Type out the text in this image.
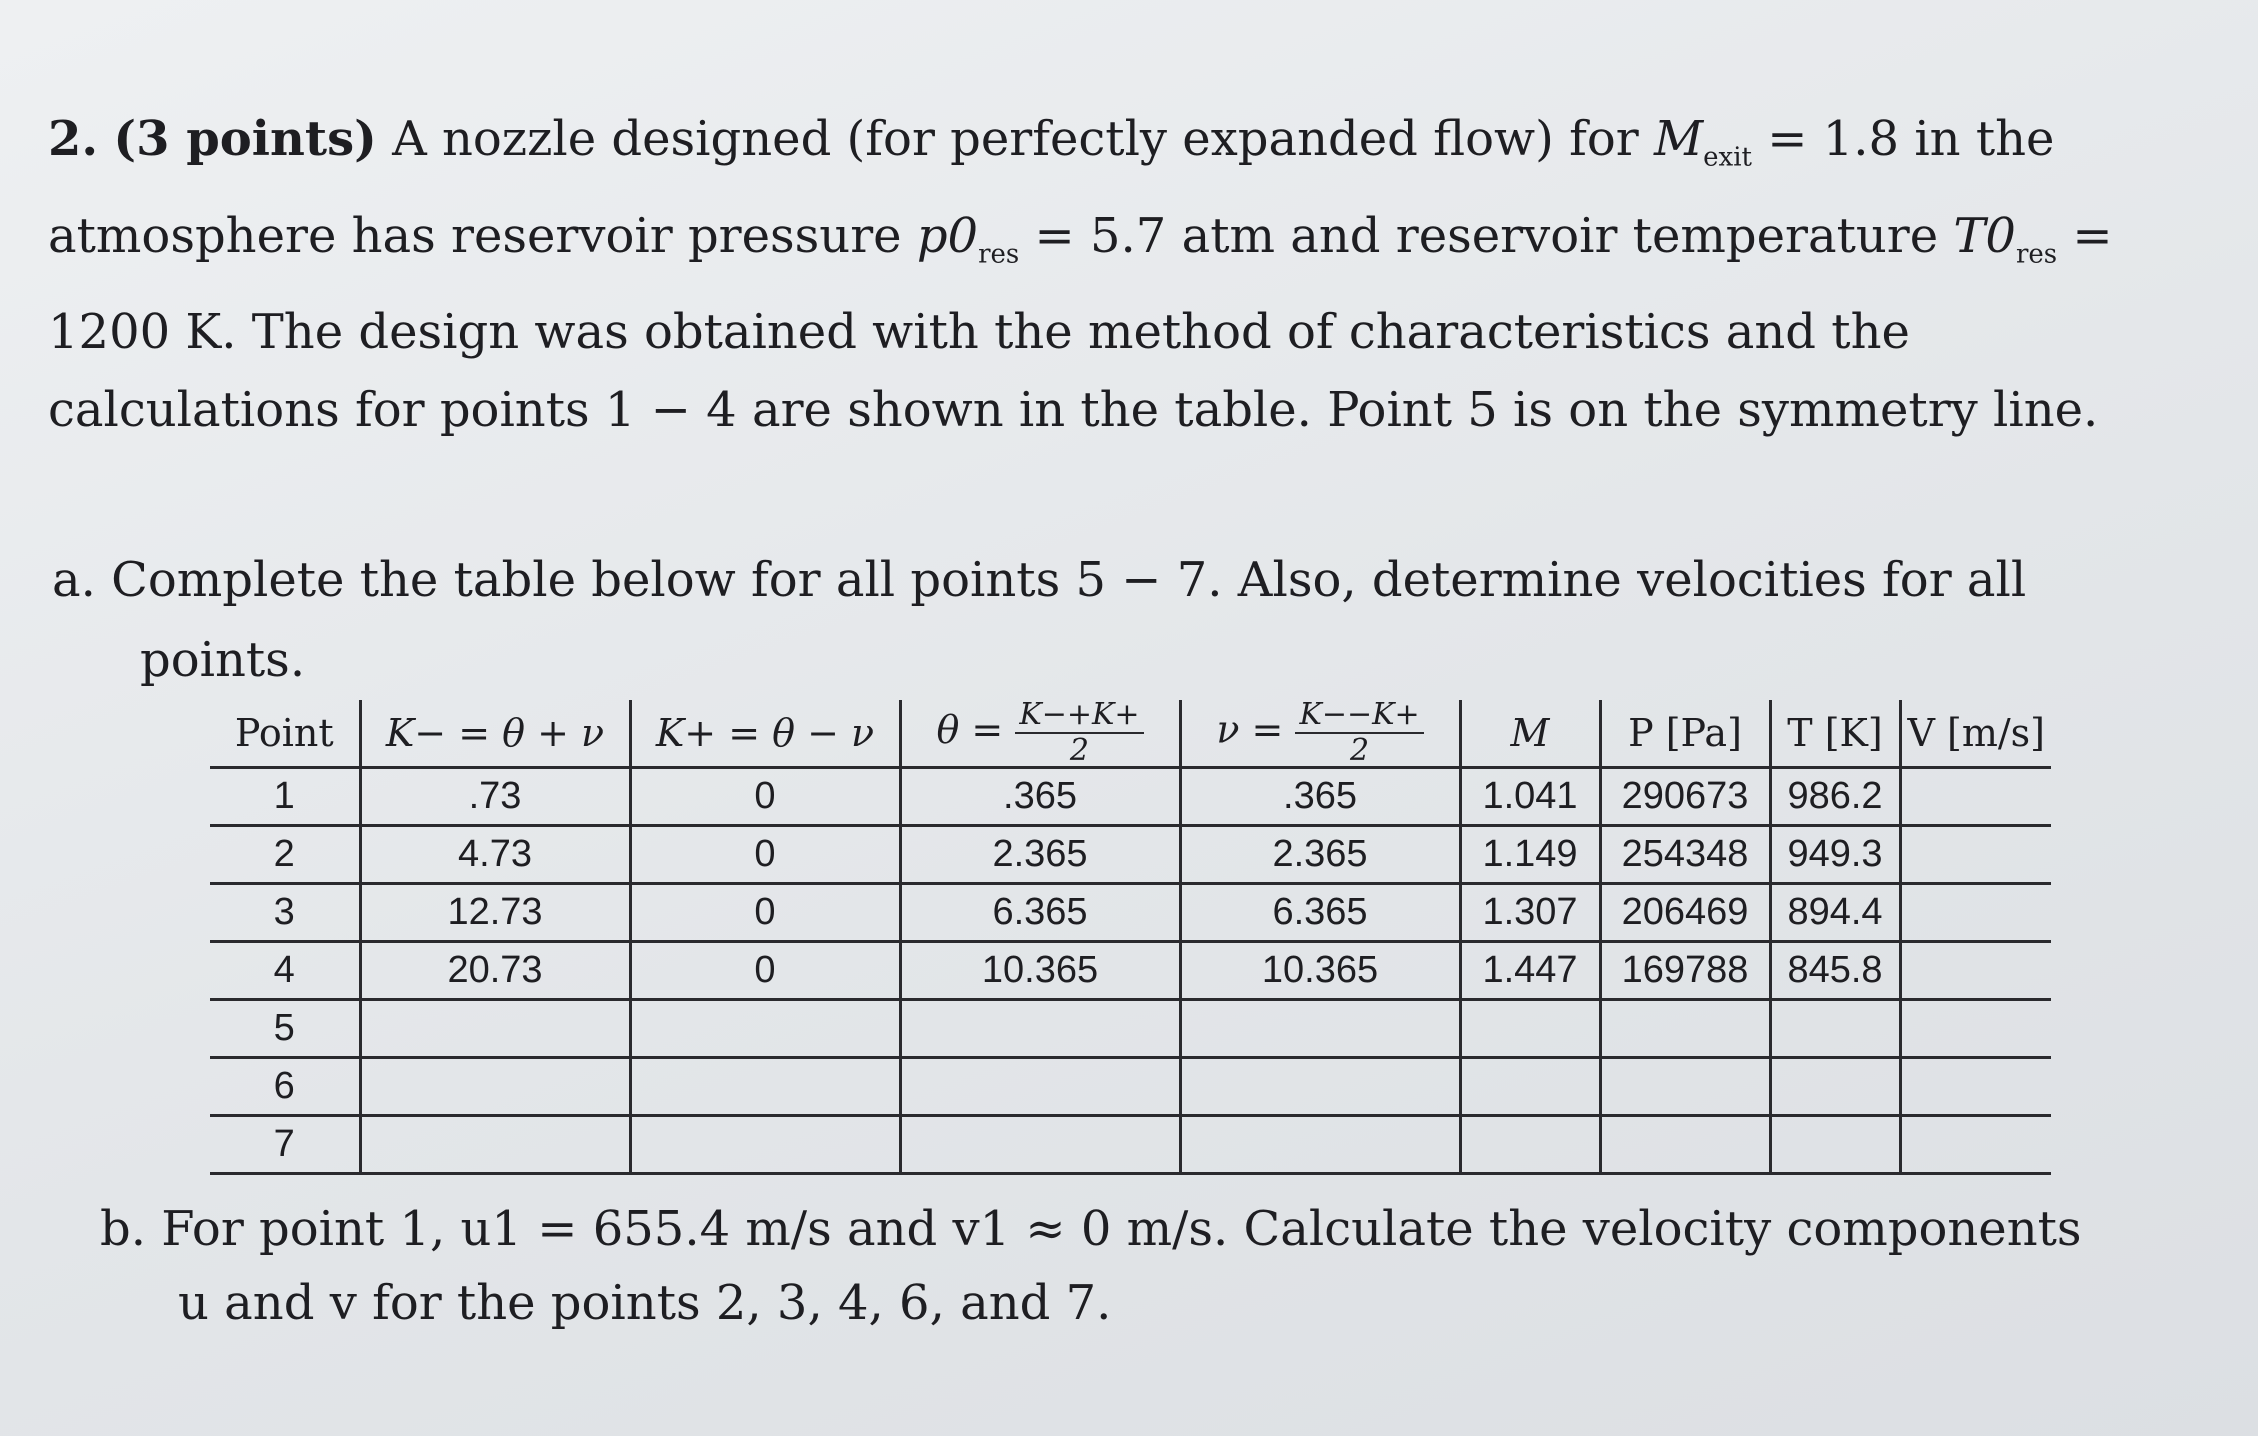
2. (3 points) A nozzle designed (for perfectly expanded flow) for $M_{exit} = 1.8$ in the atmosphere has reservoir pressure $p0_{res} = 5.7$ atm and reservoir temperature $T0_{res} = 1200$ K. The design was obtained with the method of characteristics and the calculations for points 1 − 4 are shown in the table. Point 5 is on the symmetry line.
a. Complete the table below for all points 5 − 7. Also, determine velocities for all
points.
Point	K− = θ + ν	K+ = θ − ν	$\theta = \frac{K-+K+}{2}$	$\nu = \frac{K--K+}{2}$	M	P [Pa]	T [K]	V [m/s]
1	.73	0	.365	.365	1.041	290673	986.2	
2	4.73	0	2.365	2.365	1.149	254348	949.3	
3	12.73	0	6.365	6.365	1.307	206469	894.4	
4	20.73	0	10.365	10.365	1.447	169788	845.8	
5								
6								
7								
b. For point 1, u1 = 655.4 m/s and v1 ≈ 0 m/s. Calculate the velocity components
u and v for the points 2, 3, 4, 6, and 7.
